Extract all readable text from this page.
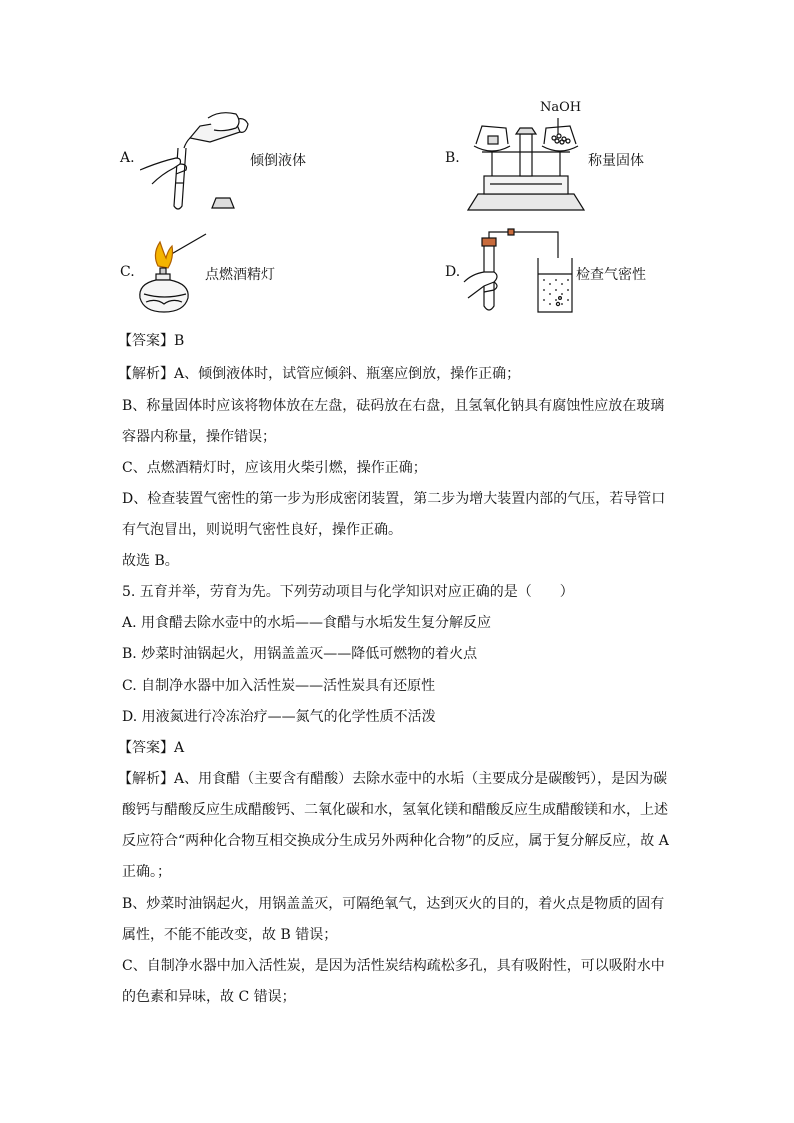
A.	倾倒液体	B.
NaOH
称量固体
C.	点燃酒精灯	D.	检查气密性
【答案】B
【解析】A、倾倒液体时，试管应倾斜、瓶塞应倒放，操作正确；
B、称量固体时应该将物体放在左盘，砝码放在右盘，且氢氧化钠具有腐蚀性应放在玻璃
容器内称量，操作错误；
C、点燃酒精灯时，应该用火柴引燃，操作正确；
D、检查装置气密性的第一步为形成密闭装置，第二步为增大装置内部的气压，若导管口
有气泡冒出，则说明气密性良好，操作正确。
故选 B。
5. 五育并举，劳育为先。下列劳动项目与化学知识对应正确的是（　　）
A. 用食醋去除水壶中的水垢——食醋与水垢发生复分解反应
B. 炒菜时油锅起火，用锅盖盖灭——降低可燃物的着火点
C. 自制净水器中加入活性炭——活性炭具有还原性
D. 用液氮进行冷冻治疗——氮气的化学性质不活泼
【答案】A
【解析】A、用食醋（主要含有醋酸）去除水壶中的水垢（主要成分是碳酸钙），是因为碳
酸钙与醋酸反应生成醋酸钙、二氧化碳和水，氢氧化镁和醋酸反应生成醋酸镁和水，上述
反应符合“两种化合物互相交换成分生成另外两种化合物”的反应，属于复分解反应，故 A
正确。；
B、炒菜时油锅起火，用锅盖盖灭，可隔绝氧气，达到灭火的目的，着火点是物质的固有
属性，不能不能改变，故 B 错误；
C、自制净水器中加入活性炭，是因为活性炭结构疏松多孔，具有吸附性，可以吸附水中
的色素和异味，故 C 错误；
